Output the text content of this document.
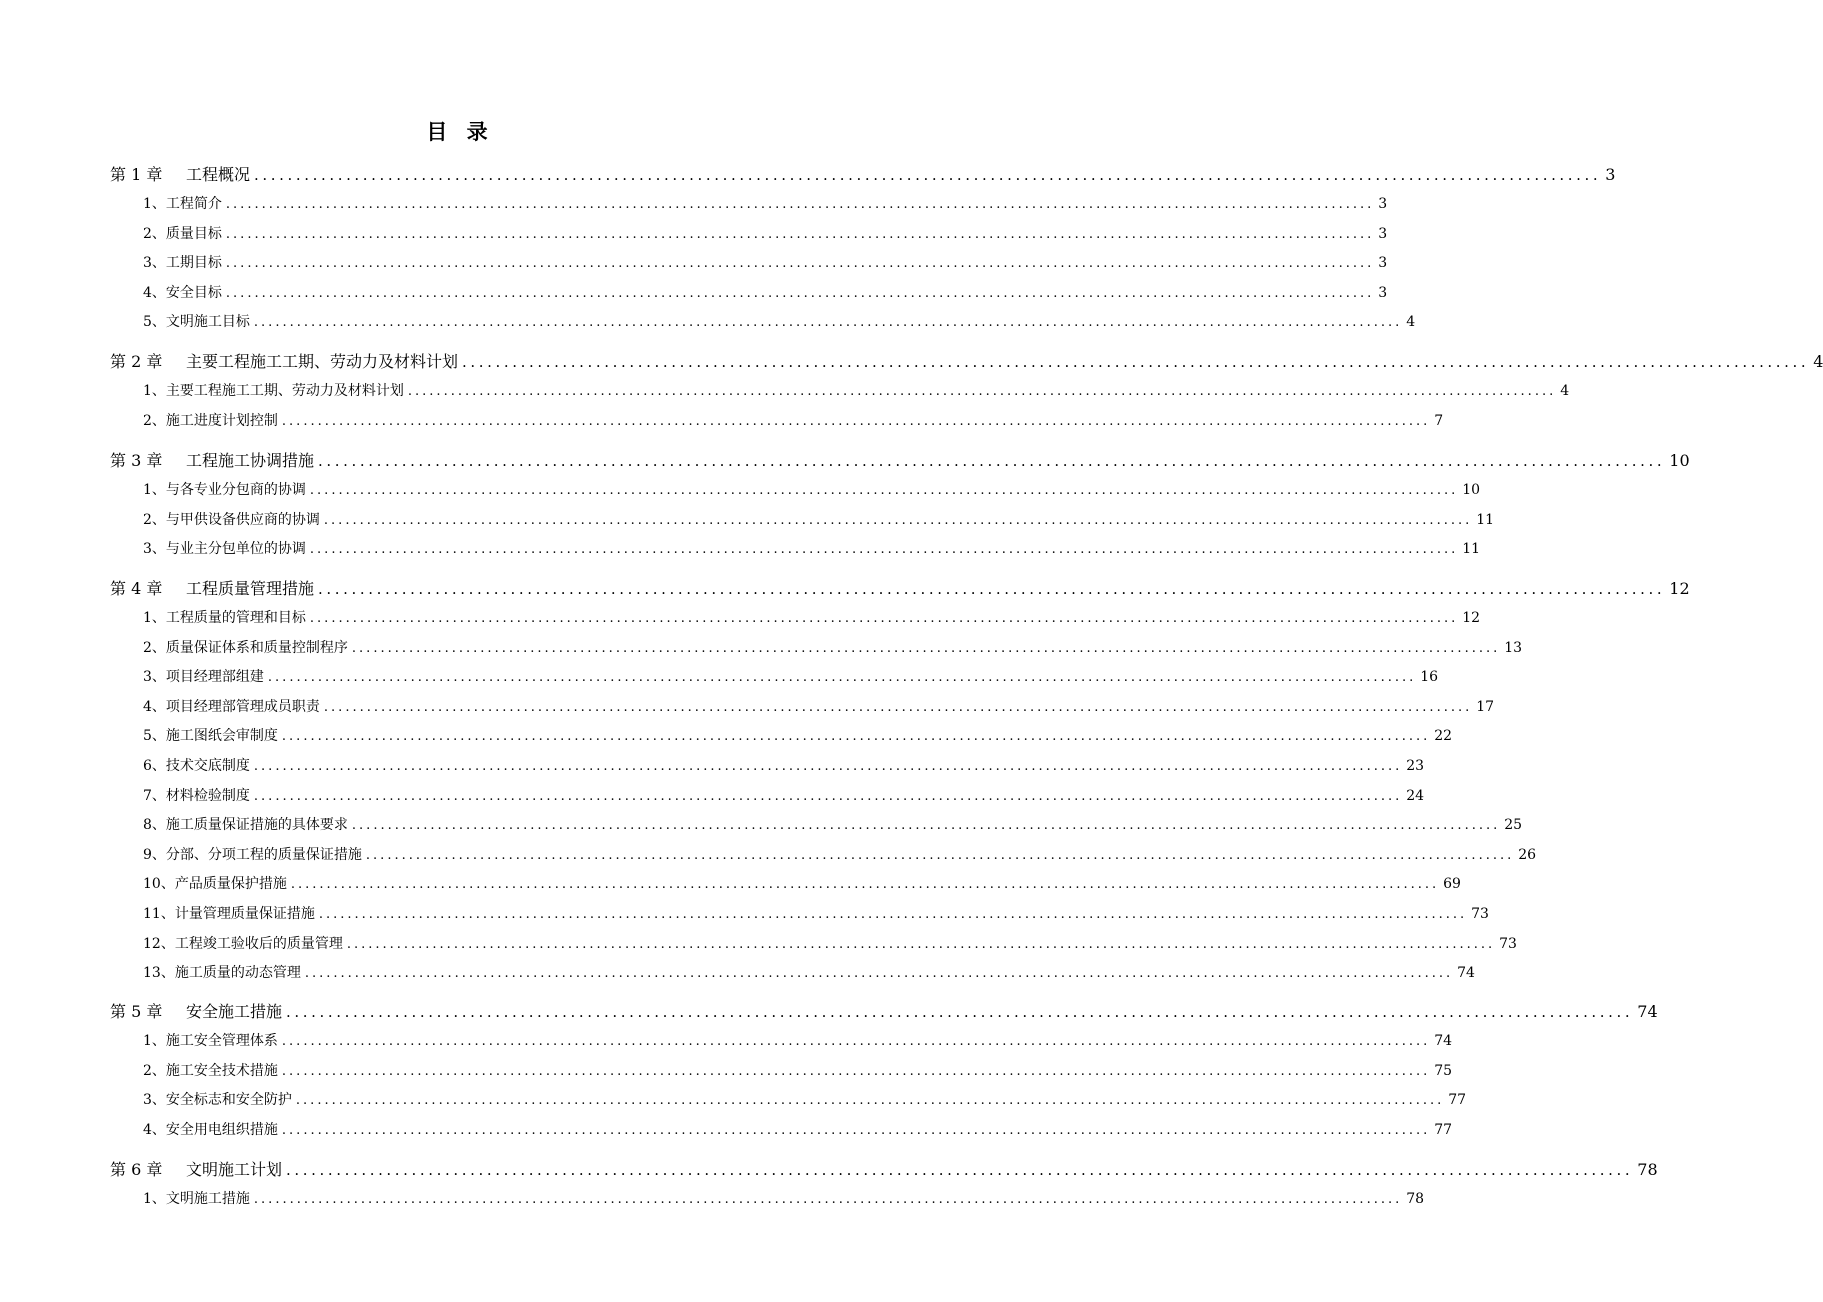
目 录
第 1 章	工程概况 ................................................................................................................................................................. 3
1、工程简介 ................................................................................................................................................................. 3
2、质量目标 ................................................................................................................................................................. 3
3、工期目标 ................................................................................................................................................................. 3
4、安全目标 ................................................................................................................................................................. 3
5、文明施工目标 ................................................................................................................................................................. 4
第 2 章	主要工程施工工期、劳动力及材料计划 ................................................................................................................................................................. 4
1、主要工程施工工期、劳动力及材料计划 ................................................................................................................................................................. 4
2、施工进度计划控制 ................................................................................................................................................................. 7
第 3 章	工程施工协调措施 ................................................................................................................................................................. 10
1、与各专业分包商的协调 ................................................................................................................................................................. 10
2、与甲供设备供应商的协调 ................................................................................................................................................................. 11
3、与业主分包单位的协调 ................................................................................................................................................................. 11
第 4 章	工程质量管理措施 ................................................................................................................................................................. 12
1、工程质量的管理和目标 ................................................................................................................................................................. 12
2、质量保证体系和质量控制程序 ................................................................................................................................................................. 13
3、项目经理部组建 ................................................................................................................................................................. 16
4、项目经理部管理成员职责 ................................................................................................................................................................. 17
5、施工图纸会审制度 ................................................................................................................................................................. 22
6、技术交底制度 ................................................................................................................................................................. 23
7、材料检验制度 ................................................................................................................................................................. 24
8、施工质量保证措施的具体要求 ................................................................................................................................................................. 25
9、分部、分项工程的质量保证措施 ................................................................................................................................................................. 26
10、产品质量保护措施 ................................................................................................................................................................. 69
11、计量管理质量保证措施 ................................................................................................................................................................. 73
12、工程竣工验收后的质量管理 ................................................................................................................................................................. 73
13、施工质量的动态管理 ................................................................................................................................................................. 74
第 5 章	安全施工措施 ................................................................................................................................................................. 74
1、施工安全管理体系 ................................................................................................................................................................. 74
2、施工安全技术措施 ................................................................................................................................................................. 75
3、安全标志和安全防护 ................................................................................................................................................................. 77
4、安全用电组织措施 ................................................................................................................................................................. 77
第 6 章	文明施工计划 ................................................................................................................................................................. 78
1、文明施工措施 ................................................................................................................................................................. 78
